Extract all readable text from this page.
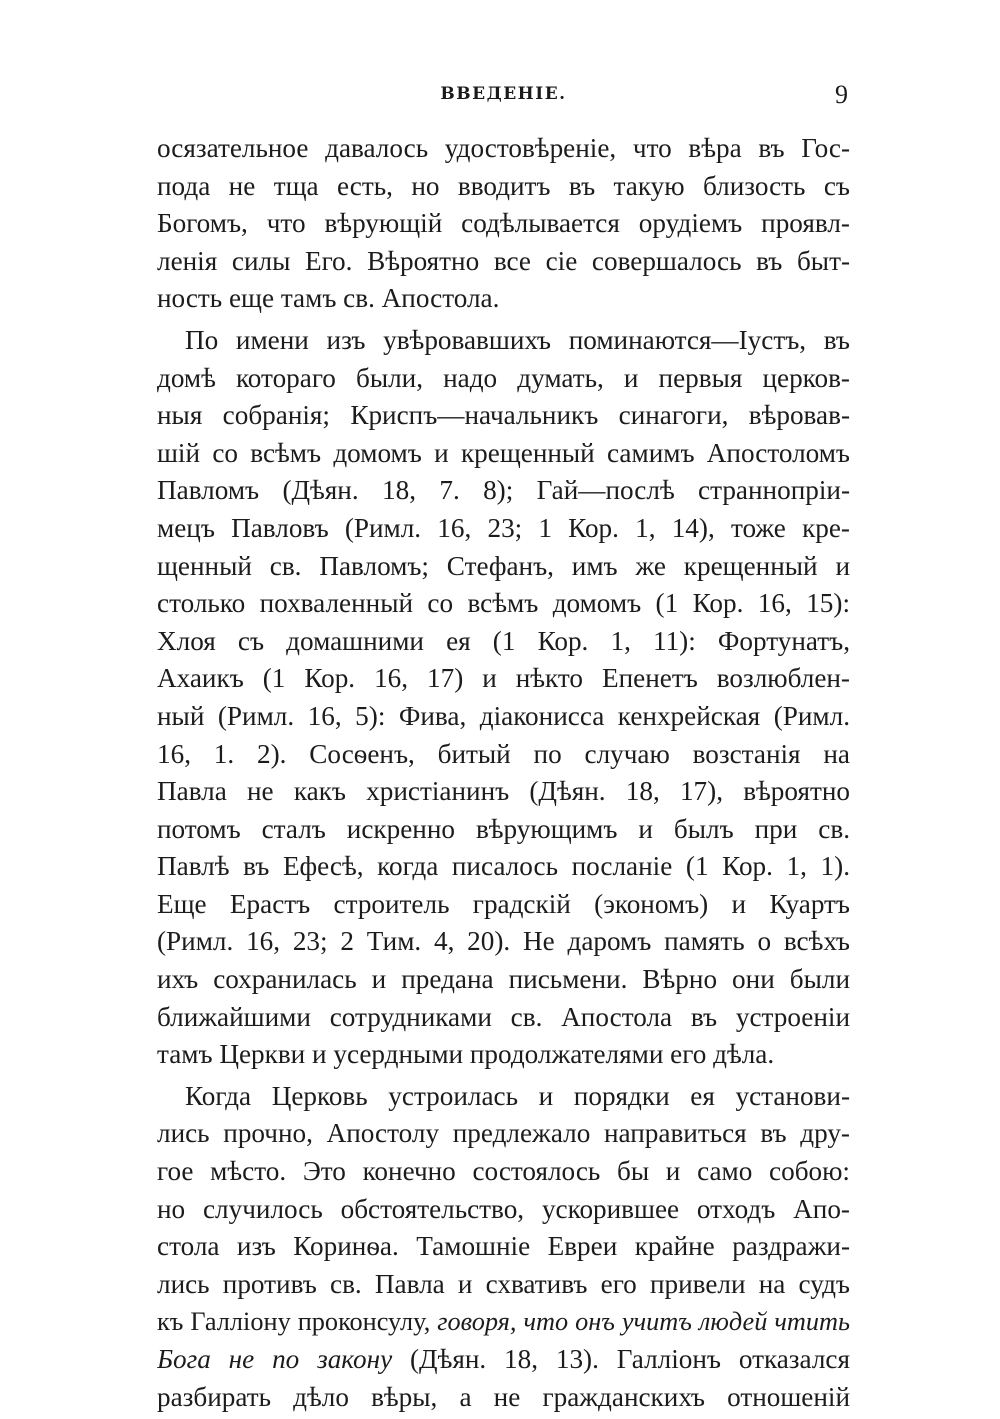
ВВЕДЕНІЕ.	9
осязательное давалось удостовѣреніе, что вѣра въ Гос-
пода не тща есть, но вводитъ въ такую близость съ
Богомъ, что вѣрующій содѣлывается орудіемъ проявл-
ленія силы Его. Вѣроятно все сіе совершалось въ быт-
ность еще тамъ св. Апостола.
По имени изъ увѣровавшихъ поминаются—Іустъ, въ
домѣ котораго были, надо думать, и первыя церков-
ныя собранія; Криспъ—начальникъ синагоги, вѣровав-
шій со всѣмъ домомъ и крещенный самимъ Апостоломъ
Павломъ (Дѣян. 18, 7. 8); Гай—послѣ страннопріи-
мецъ Павловъ (Римл. 16, 23; 1 Кор. 1, 14), тоже кре-
щенный св. Павломъ; Стефанъ, имъ же крещенный и
столько похваленный со всѣмъ домомъ (1 Кор. 16, 15):
Хлоя съ домашними ея (1 Кор. 1, 11): Фортунатъ,
Ахаикъ (1 Кор. 16, 17) и нѣкто Епенетъ возлюблен-
ный (Римл. 16, 5): Фива, діаконисса кенхрейская (Римл.
16, 1. 2). Сосѳенъ, битый по случаю возстанія на
Павла не какъ христіанинъ (Дѣян. 18, 17), вѣроятно
потомъ сталъ искренно вѣрующимъ и былъ при св.
Павлѣ въ Ефесѣ, когда писалось посланіе (1 Кор. 1, 1).
Еще Ерастъ строитель градскій (экономъ) и Куартъ
(Римл. 16, 23; 2 Тим. 4, 20). Не даромъ память о всѣхъ
ихъ сохранилась и предана письмени. Вѣрно они были
ближайшими сотрудниками св. Апостола въ устроеніи
тамъ Церкви и усердными продолжателями его дѣла.
Когда Церковь устроилась и порядки ея установи-
лись прочно, Апостолу предлежало направиться въ дру-
гое мѣсто. Это конечно состоялось бы и само собою:
но случилось обстоятельство, ускорившее отходъ Апо-
стола изъ Коринѳа. Тамошніе Евреи крайне раздражи-
лись противъ св. Павла и схвативъ его привели на судъ
къ Галліону проконсулу, говоря, что онъ учитъ людей чтить
Бога не по закону (Дѣян. 18, 13). Галліонъ отказался
разбирать дѣло вѣры, а не гражданскихъ отношеній
